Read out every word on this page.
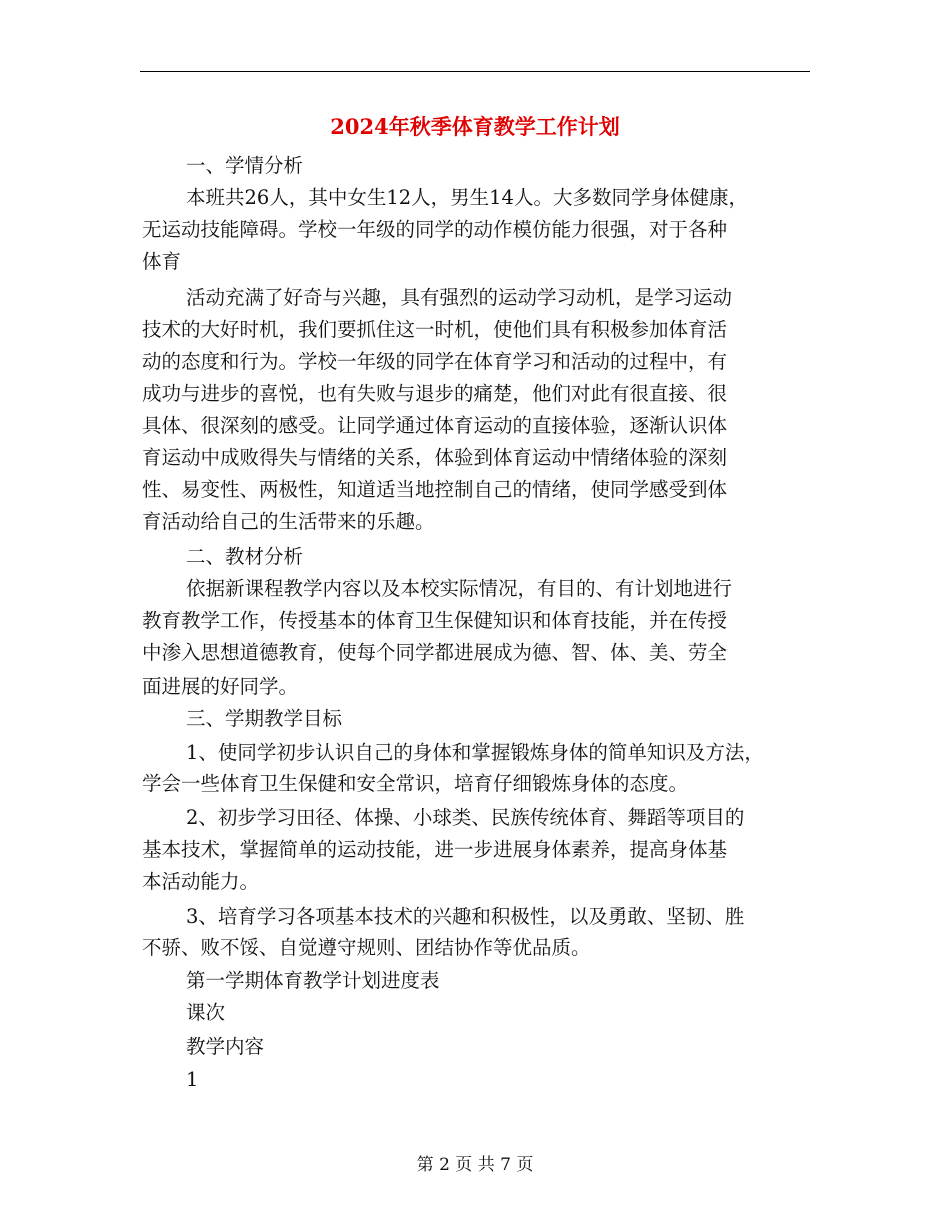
2024年秋季体育教学工作计划
一、学情分析
本班共26人，其中女生12人，男生14人。大多数同学身体健康，
无运动技能障碍。学校一年级的同学的动作模仿能力很强，对于各种
体育
活动充满了好奇与兴趣，具有强烈的运动学习动机，是学习运动
技术的大好时机，我们要抓住这一时机，使他们具有积极参加体育活
动的态度和行为。学校一年级的同学在体育学习和活动的过程中，有
成功与进步的喜悦，也有失败与退步的痛楚，他们对此有很直接、很
具体、很深刻的感受。让同学通过体育运动的直接体验，逐渐认识体
育运动中成败得失与情绪的关系，体验到体育运动中情绪体验的深刻
性、易变性、两极性，知道适当地控制自己的情绪，使同学感受到体
育活动给自己的生活带来的乐趣。
二、教材分析
依据新课程教学内容以及本校实际情况，有目的、有计划地进行
教育教学工作，传授基本的体育卫生保健知识和体育技能，并在传授
中渗入思想道德教育，使每个同学都进展成为德、智、体、美、劳全
面进展的好同学。
三、学期教学目标
1、使同学初步认识自己的身体和掌握锻炼身体的简单知识及方法，
学会一些体育卫生保健和安全常识，培育仔细锻炼身体的态度。
2、初步学习田径、体操、小球类、民族传统体育、舞蹈等项目的
基本技术，掌握简单的运动技能，进一步进展身体素养，提高身体基
本活动能力。
3、培育学习各项基本技术的兴趣和积极性，以及勇敢、坚韧、胜
不骄、败不馁、自觉遵守规则、团结协作等优品质。
第一学期体育教学计划进度表
课次
教学内容
1
第 2 页 共 7 页
